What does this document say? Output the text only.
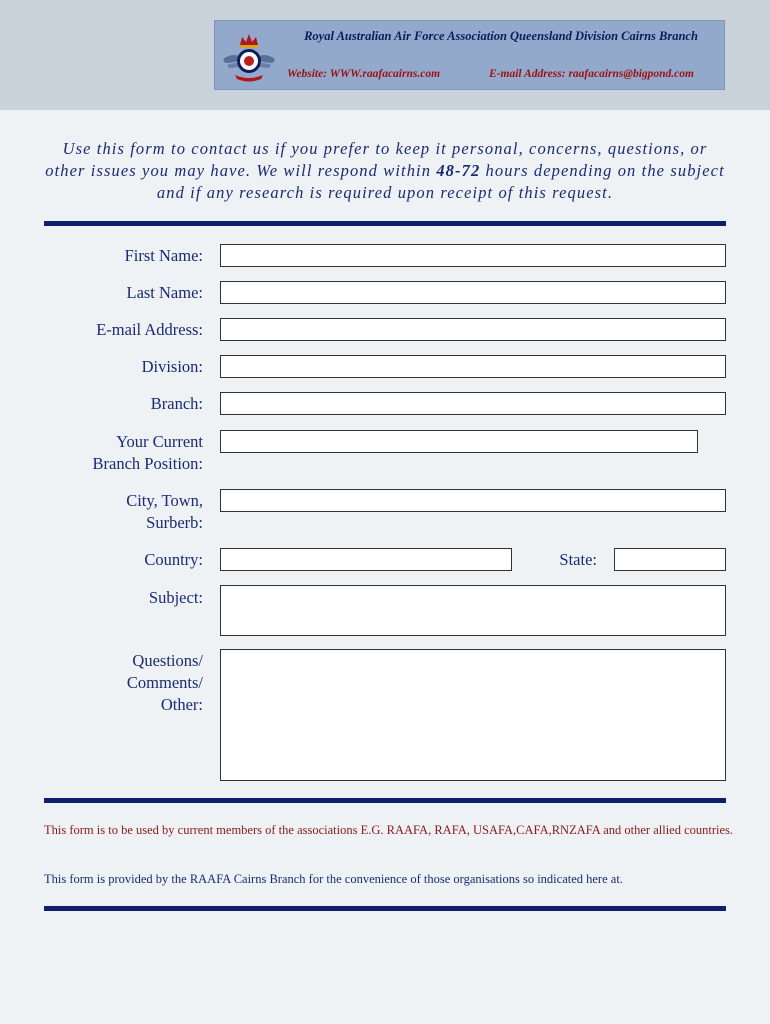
Royal Australian Air Force Association Queensland Division Cairns Branch
Website: WWW.raafacairns.com	E-mail Address: raafacairns@bigpond.com
Use this form to contact us if you prefer to keep it personal, concerns, questions, or other issues you may have. We will respond within 48-72 hours depending on the subject and if any research is required upon receipt of this request.
First Name:
Last Name:
E-mail Address:
Division:
Branch:
Your Current
Branch Position:
City, Town,
Surberb:
Country:	State:
Subject:
Questions/
Comments/
Other:
This form is to be used by current members of the associations E.G. RAAFA, RAFA, USAFA,CAFA,RNZAFA and other allied countries.
This form is provided by the RAAFA Cairns Branch for the convenience of those organisations so indicated here at.
